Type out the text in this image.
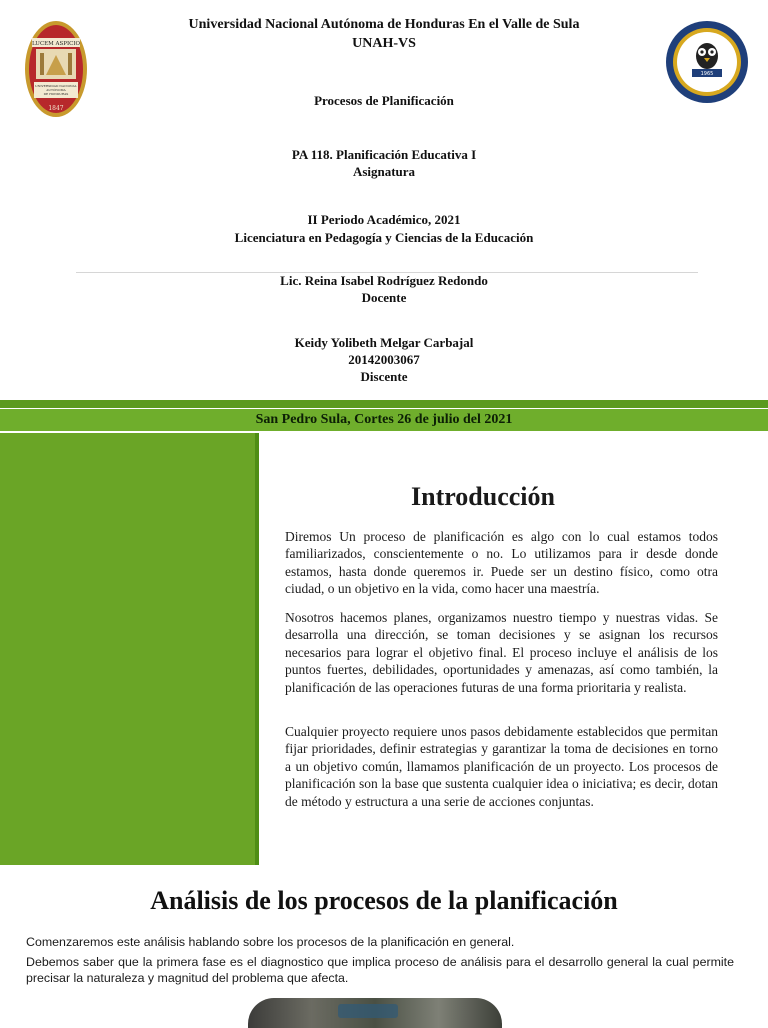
LUCEM ASPICIO
UNIVERSIDAD NACIONAL
AUTÓNOMA
DE HONDURAS
1847
1965
UNAH
Universidad Nacional Autónoma de Honduras En el Valle de Sula
UNAH-VS
Procesos de Planificación
PA 118. Planificación Educativa I
Asignatura
II Periodo Académico, 2021
Licenciatura en Pedagogía y Ciencias de la Educación
Lic. Reina Isabel Rodríguez Redondo
Docente
Keidy Yolibeth Melgar Carbajal
20142003067
Discente
San Pedro Sula, Cortes 26 de julio del 2021
Introducción
Diremos Un proceso de planificación es algo con lo cual estamos todos familiarizados, conscientemente o no. Lo utilizamos para ir desde donde estamos, hasta donde queremos ir. Puede ser un destino físico, como otra ciudad, o un objetivo en la vida, como hacer una maestría.
Nosotros hacemos planes, organizamos nuestro tiempo y nuestras vidas. Se desarrolla una dirección, se toman decisiones y se asignan los recursos necesarios para lograr el objetivo final. El proceso incluye el análisis de los puntos fuertes, debilidades, oportunidades y amenazas, así como también, la planificación de las operaciones futuras de una forma prioritaria y realista.
Cualquier proyecto requiere unos pasos debidamente establecidos que permitan fijar prioridades, definir estrategias y garantizar la toma de decisiones en torno a un objetivo común, llamamos planificación de un proyecto. Los procesos de planificación son la base que sustenta cualquier idea o iniciativa; es decir, dotan de método y estructura a una serie de acciones conjuntas.
Análisis de los procesos de la planificación
Comenzaremos este análisis hablando sobre los procesos de la planificación en general.
Debemos saber que la primera fase es el diagnostico que implica proceso de análisis para el desarrollo general la cual permite precisar la naturaleza y magnitud del problema que afecta.
